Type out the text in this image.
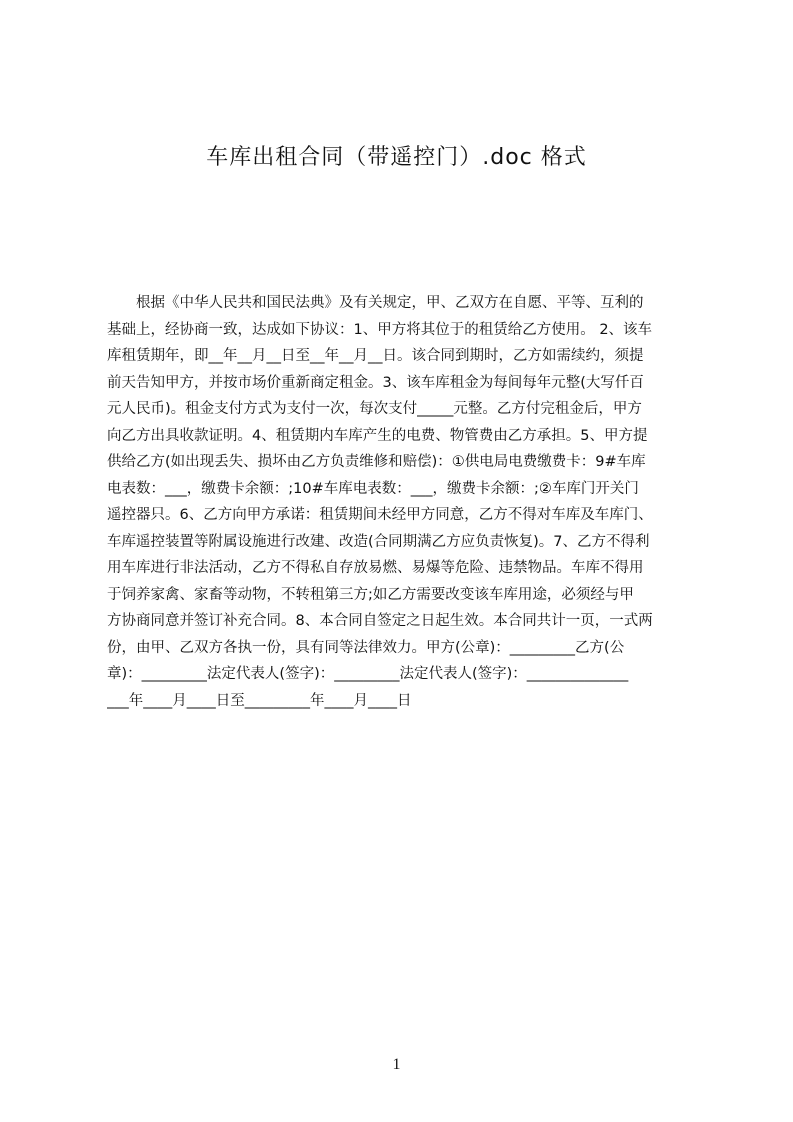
车库出租合同（带遥控门）.doc 格式
　　根据《中华人民共和国民法典》及有关规定，甲、乙双方在自愿、平等、互利的
基础上，经协商一致，达成如下协议：1、甲方将其位于的租赁给乙方使用。 2、该车
库租赁期年，即__年__月__日至__年__月__日。该合同到期时，乙方如需续约，须提
前天告知甲方，并按市场价重新商定租金。3、该车库租金为每间每年元整(大写仟百
元人民币)。租金支付方式为支付一次，每次支付_____元整。乙方付完租金后，甲方
向乙方出具收款证明。4、租赁期内车库产生的电费、物管费由乙方承担。5、甲方提
供给乙方(如出现丢失、损坏由乙方负责维修和赔偿)：①供电局电费缴费卡：9#车库
电表数：___，缴费卡余额：;10#车库电表数：___，缴费卡余额：;②车库门开关门
遥控器只。6、乙方向甲方承诺：租赁期间未经甲方同意，乙方不得对车库及车库门、
车库遥控装置等附属设施进行改建、改造(合同期满乙方应负责恢复)。7、乙方不得利
用车库进行非法活动，乙方不得私自存放易燃、易爆等危险、违禁物品。车库不得用
于饲养家禽、家畜等动物，不转租第三方;如乙方需要改变该车库用途，必须经与甲
方协商同意并签订补充合同。8、本合同自签定之日起生效。本合同共计一页，一式两
份，由甲、乙双方各执一份，具有同等法律效力。甲方(公章)：_________乙方(公
章)：_________法定代表人(签字)：_________法定代表人(签字)：______________
___年____月____日至_________年____月____日
1
